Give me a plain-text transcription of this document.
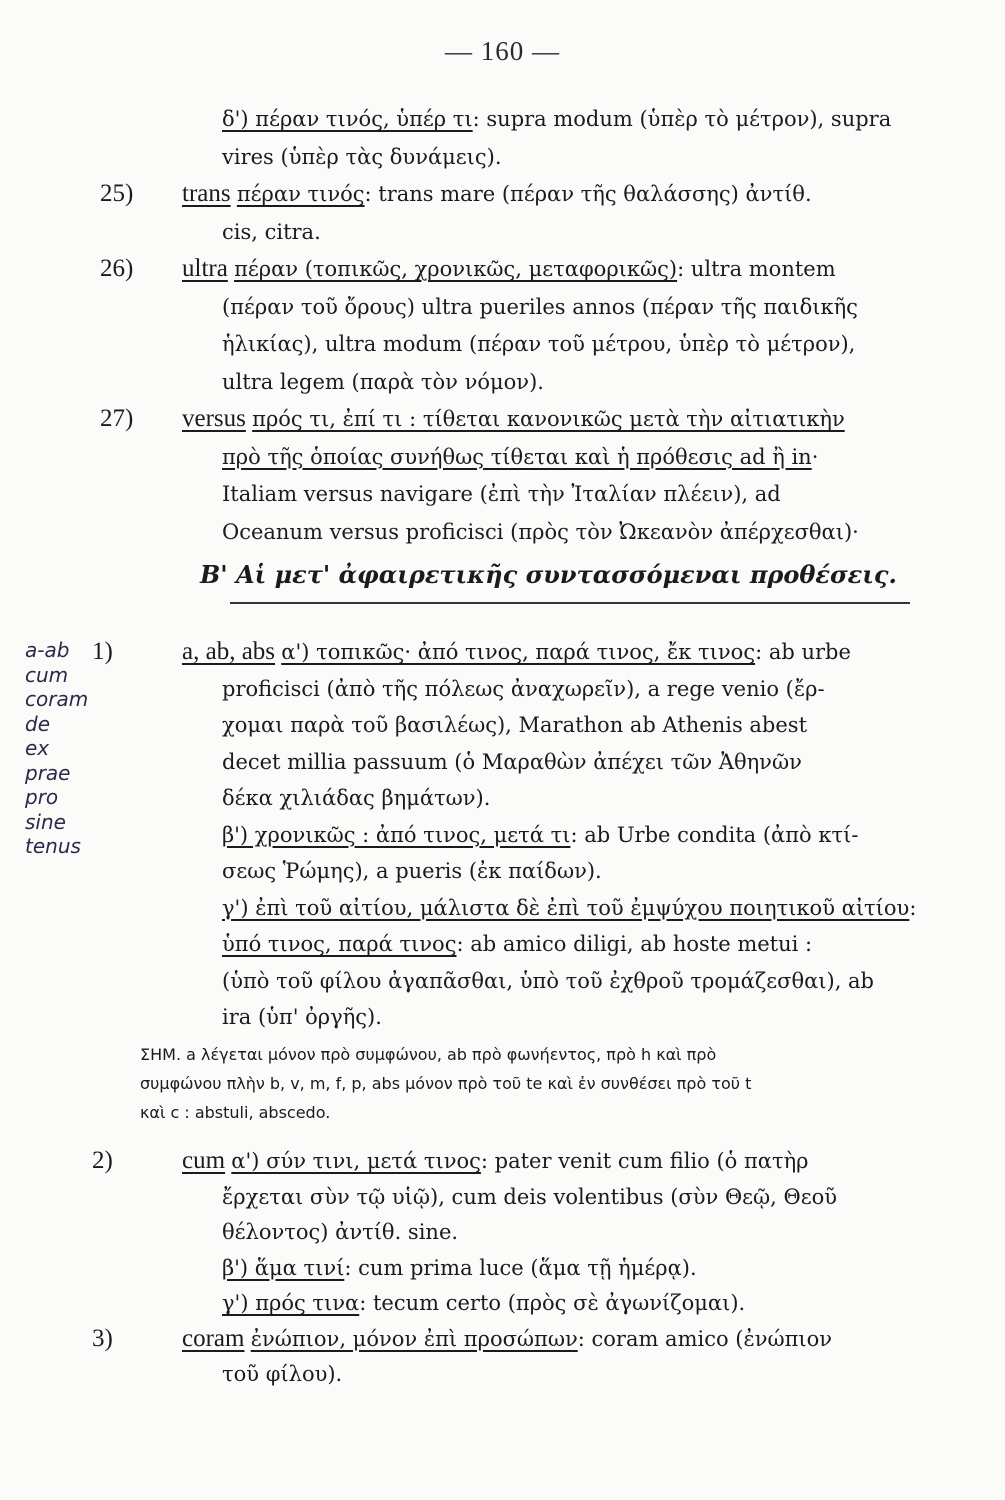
— 160 —
δ') πέραν τινός, ὑπέρ τι: supra modum (ὑπὲρ τὸ μέτρον), supra
vires (ὑπὲρ τὰς δυνάμεις).
25) trans πέραν τινός: trans mare (πέραν τῆς θαλάσσης) ἀντίθ.
cis, citra.
26) ultra πέραν (τοπικῶς, χρονικῶς, μεταφορικῶς): ultra montem
(πέραν τοῦ ὄρους) ultra pueriles annos (πέραν τῆς παιδικῆς
ἡλικίας), ultra modum (πέραν τοῦ μέτρου, ὑπὲρ τὸ μέτρον),
ultra legem (παρὰ τὸν νόμον).
27) versus πρός τι, ἐπί τι : τίθεται κανονικῶς μετὰ τὴν αἰτιατικὴν
πρὸ τῆς ὁποίας συνήθως τίθεται καὶ ἡ πρόθεσις ad ἢ in·
Italiam versus navigare (ἐπὶ τὴν Ἰταλίαν πλέειν), ad
Oceanum versus proficisci (πρὸς τὸν Ὠκεανὸν ἀπέρχεσθαι)·
Β' Αἱ μετ' ἀφαιρετικῆς συντασσόμεναι προθέσεις.
1)	a, ab, abs α') τοπικῶς· ἀπό τινος, παρά τινος, ἔκ τινος: ab urbe
proficisci (ἀπὸ τῆς πόλεως ἀναχωρεῖν), a rege venio (ἔρ-
χομαι παρὰ τοῦ βασιλέως), Marathon ab Athenis abest
decet millia passuum (ὁ Μαραθὼν ἀπέχει τῶν Ἀθηνῶν
δέκα χιλιάδας βημάτων).
β') χρονικῶς : ἀπό τινος, μετά τι: ab Urbe condita (ἀπὸ κτί-
σεως Ῥώμης), a pueris (ἐκ παίδων).
γ') ἐπὶ τοῦ αἰτίου, μάλιστα δὲ ἐπὶ τοῦ ἐμψύχου ποιητικοῦ αἰτίου:
ὑπό τινος, παρά τινος: ab amico diligi, ab hoste metui :
(ὑπὸ τοῦ φίλου ἀγαπᾶσθαι, ὑπὸ τοῦ ἐχθροῦ τρομάζεσθαι), ab
ira (ὑπ' ὀργῆς).
ΣΗΜ. a λέγεται μόνον πρὸ συμφώνου, ab πρὸ φωνήεντος, πρὸ h καὶ πρὸ
συμφώνου πλὴν b, v, m, f, p, abs μόνον πρὸ τοῦ te καὶ ἐν συνθέσει πρὸ τοῦ t
καὶ c : abstuli, abscedo.
2)	cum α') σύν τινι, μετά τινος: pater venit cum filio (ὁ πατὴρ
ἔρχεται σὺν τῷ υἱῷ), cum deis volentibus (σὺν Θεῷ, Θεοῦ
θέλοντος) ἀντίθ. sine.
β') ἅμα τινί: cum prima luce (ἅμα τῇ ἡμέρᾳ).
γ') πρός τινα: tecum certo (πρὸς σὲ ἀγωνίζομαι).
3)	coram ἐνώπιον, μόνον ἐπὶ προσώπων: coram amico (ἐνώπιον
τοῦ φίλου).
a-ab
cum
coram
de
ex
prae
pro
sine
tenus
